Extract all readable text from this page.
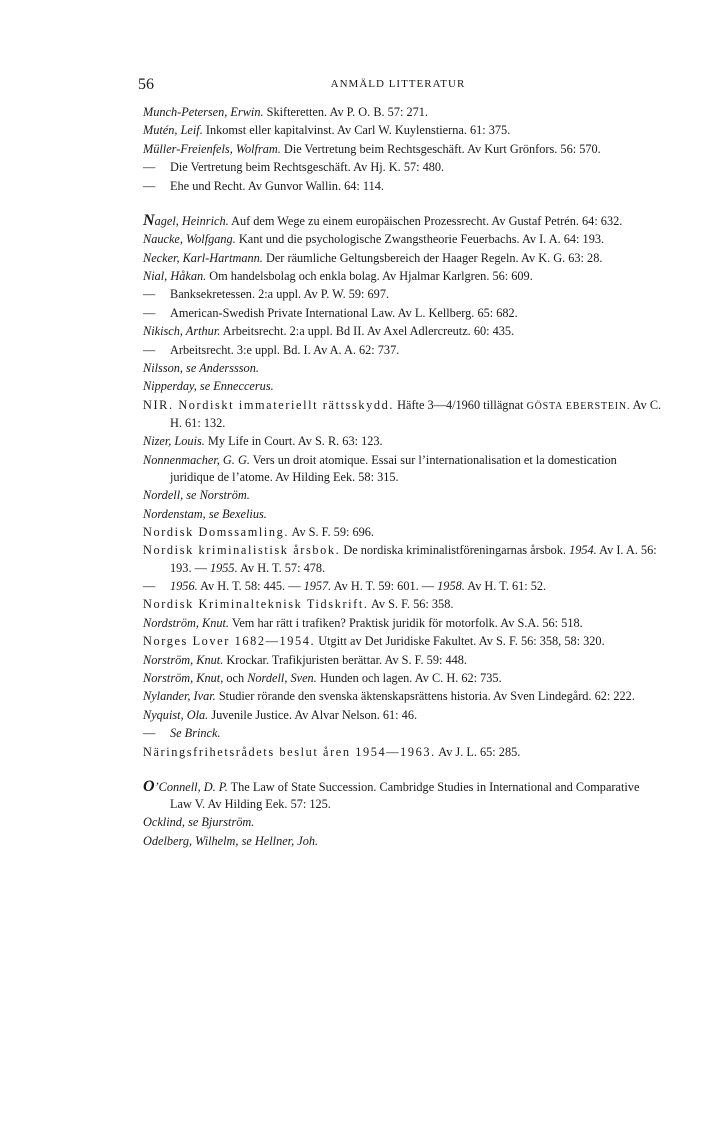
56	ANMÄLD LITTERATUR

Munch-Petersen, Erwin. Skifteretten. Av P. O. B. 57: 271.

Mutén, Leif. Inkomst eller kapitalvinst. Av Carl W. Kuylenstierna. 61: 375.

Müller-Freienfels, Wolfram. Die Vertretung beim Rechtsgeschäft. Av Kurt Grönfors. 56: 570.

— Die Vertretung beim Rechtsgeschäft. Av Hj. K. 57: 480.

— Ehe und Recht. Av Gunvor Wallin. 64: 114.

Nagel, Heinrich. Auf dem Wege zu einem europäischen Prozessrecht. Av Gustaf Petrén. 64: 632.

Naucke, Wolfgang. Kant und die psychologische Zwangstheorie Feuerbachs. Av I. A. 64: 193.

Necker, Karl-Hartmann. Der räumliche Geltungsbereich der Haager Regeln. Av K. G. 63: 28.

Nial, Håkan. Om handelsbolag och enkla bolag. Av Hjalmar Karlgren. 56: 609.

— Banksekretessen. 2:a uppl. Av P. W. 59: 697.

— American-Swedish Private International Law. Av L. Kellberg. 65: 682.

Nikisch, Arthur. Arbeitsrecht. 2:a uppl. Bd II. Av Axel Adlercreutz. 60: 435.

— Arbeitsrecht. 3:e uppl. Bd. I. Av A. A. 62: 737.

Nilsson, se Anderssson.

Nipperday, se Enneccerus.

NIR. Nordiskt immateriellt rättsskydd. Häfte 3—4/1960 tillägnat GÖSTA EBERSTEIN. Av C. H. 61: 132.

Nizer, Louis. My Life in Court. Av S. R. 63: 123.

Nonnenmacher, G. G. Vers un droit atomique. Essai sur l’internationalisation et la domestication juridique de l’atome. Av Hilding Eek. 58: 315.

Nordell, se Norström.

Nordenstam, se Bexelius.

Nordisk Domssamling. Av S. F. 59: 696.

Nordisk kriminalistisk årsbok. De nordiska kriminalistföreningarnas årsbok. 1954. Av I. A. 56: 193. — 1955. Av H. T. 57: 478.

— 1956. Av H. T. 58: 445. — 1957. Av H. T. 59: 601. — 1958. Av H. T. 61: 52.

Nordisk Kriminalteknisk Tidskrift. Av S. F. 56: 358.

Nordström, Knut. Vem har rätt i trafiken? Praktisk juridik för motorfolk. Av S.A. 56: 518.

Norges Lover 1682—1954. Utgitt av Det Juridiske Fakultet. Av S. F. 56: 358, 58: 320.

Norström, Knut. Krockar. Trafikjuristen berättar. Av S. F. 59: 448.

Norström, Knut, och Nordell, Sven. Hunden och lagen. Av C. H. 62: 735.

Nylander, Ivar. Studier rörande den svenska äktenskapsrättens historia. Av Sven Lindegård. 62: 222.

Nyquist, Ola. Juvenile Justice. Av Alvar Nelson. 61: 46.

— Se Brinck.

Näringsfrihetsrådets beslut åren 1954—1963. Av J. L. 65: 285.

O’Connell, D. P. The Law of State Succession. Cambridge Studies in International and Comparative Law V. Av Hilding Eek. 57: 125.

Ocklind, se Bjurström.

Odelberg, Wilhelm, se Hellner, Joh.
